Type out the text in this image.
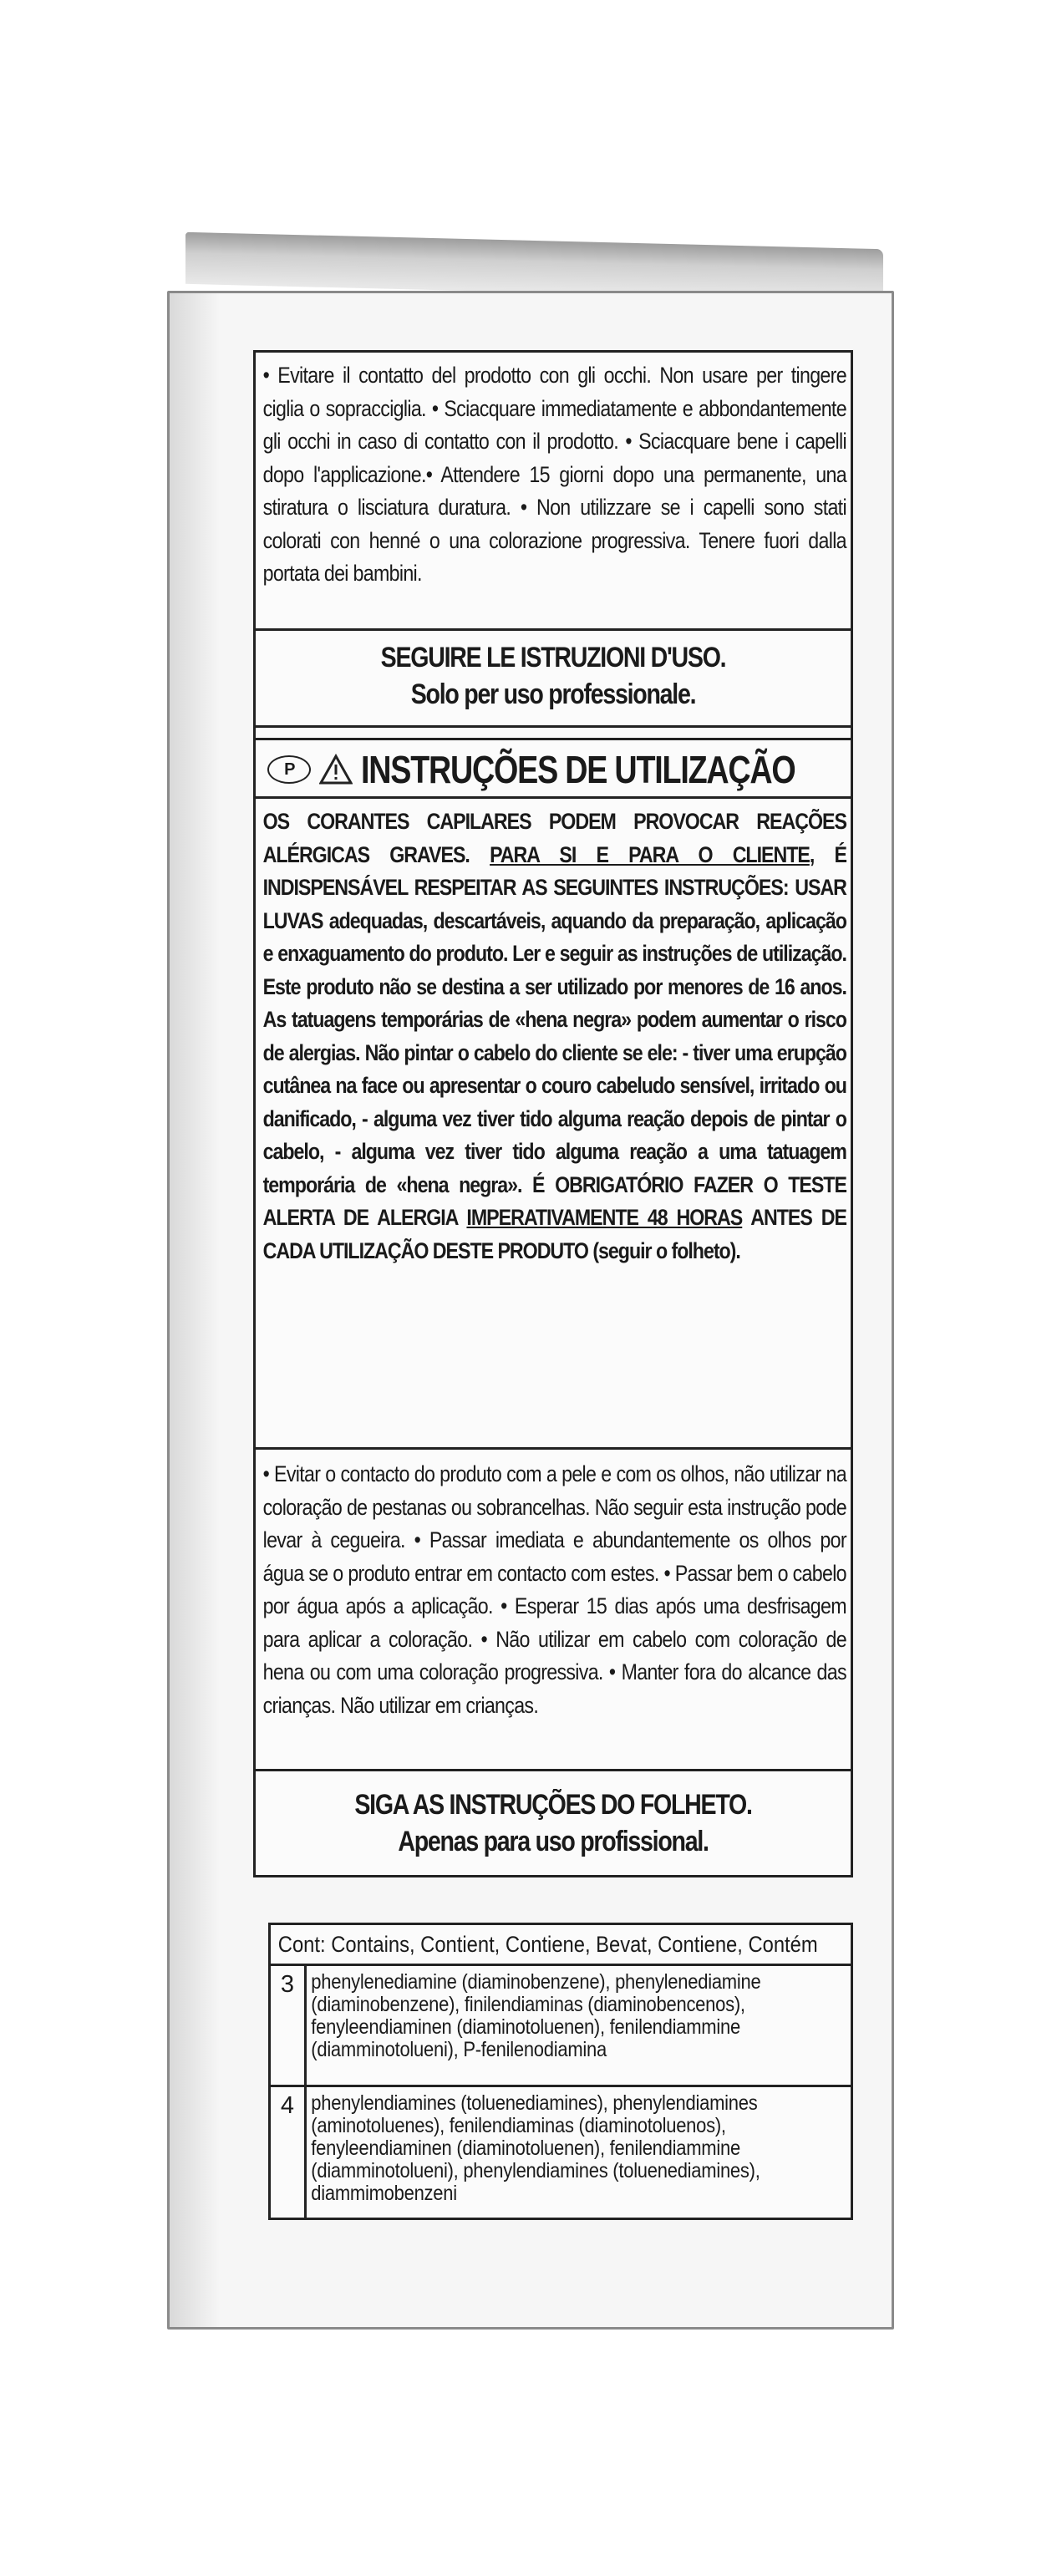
• Evitare il contatto del prodotto con gli occhi. Non usare per tingere ciglia o sopracciglia. • Sciacquare immediatamente e abbondantemente gli occhi in caso di contatto con il prodotto. • Sciacquare bene i capelli dopo l'applicazione.• Attendere 15 giorni dopo una permanente, una stiratura o lisciatura duratura. • Non utilizzare se i capelli sono stati colorati con henné o una colorazione progressiva. Tenere fuori dalla portata dei bambini.
SEGUIRE LE ISTRUZIONI D'USO.
Solo per uso professionale.
P	INSTRUÇÕES DE UTILIZAÇÃO
OS CORANTES CAPILARES PODEM PROVOCAR REAÇÕES ALÉRGICAS GRAVES. PARA SI E PARA O CLIENTE, É INDISPENSÁVEL RESPEITAR AS SEGUINTES INSTRUÇÕES: USAR LUVAS adequadas, descartáveis, aquando da preparação, aplicação e enxaguamento do produto. Ler e seguir as instruções de utilização. Este produto não se destina a ser utilizado por menores de 16 anos. As tatuagens temporárias de «hena negra» podem aumentar o risco de alergias. Não pintar o cabelo do cliente se ele: - tiver uma erupção cutânea na face ou apresentar o couro cabeludo sensível, irritado ou danificado, - alguma vez tiver tido alguma reação depois de pintar o cabelo, - alguma vez tiver tido alguma reação a uma tatuagem temporária de «hena negra». É OBRIGATÓRIO FAZER O TESTE ALERTA DE ALERGIA IMPERATIVAMENTE 48 HORAS ANTES DE CADA UTILIZAÇÃO DESTE PRODUTO (seguir o folheto).
• Evitar o contacto do produto com a pele e com os olhos, não utilizar na coloração de pestanas ou sobrancelhas. Não seguir esta instrução pode levar à cegueira. • Passar imediata e abundantemente os olhos por água se o produto entrar em contacto com estes. • Passar bem o cabelo por água após a aplicação. • Esperar 15 dias após uma desfrisagem para aplicar a coloração. • Não utilizar em cabelo com coloração de hena ou com uma coloração progressiva. • Manter fora do alcance das crianças. Não utilizar em crianças.
SIGA AS INSTRUÇÕES DO FOLHETO.
Apenas para uso profissional.
Cont: Contains, Contient, Contiene, Bevat, Contiene, Contém
3 phenylenediamine (diaminobenzene), phenylenediamine (diaminobenzene), finilendiaminas (diaminobencenos), fenyleendiaminen (diaminotoluenen), fenilendiammine (diamminotolueni), P-fenilenodiamina
4 phenylendiamines (toluenediamines), phenylendiamines (aminotoluenes), fenilendiaminas (diaminotoluenos), fenyleendiaminen (diaminotoluenen), fenilendiammine (diamminotolueni), phenylendiamines (toluenediamines), diammimobenzeni
